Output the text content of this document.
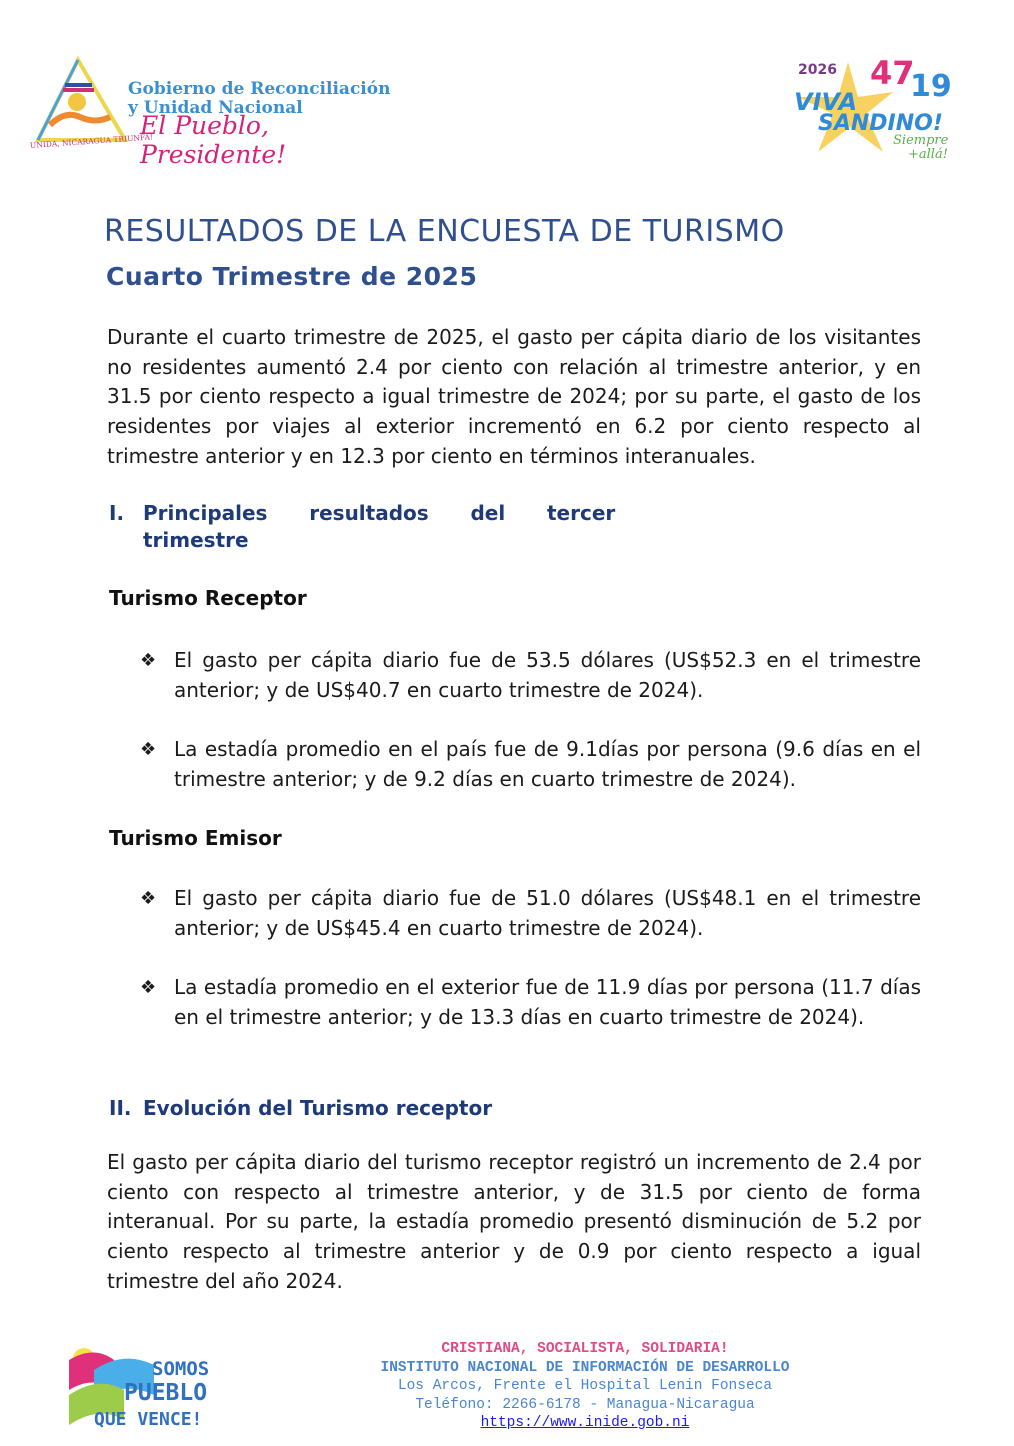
UNIDA, NICARAGUA TRIUNFA!
Gobierno de Reconciliación
y Unidad Nacional
El Pueblo, Presidente!
2026 47
19
VIVA
SANDINO!
Siempre
+allá!
RESULTADOS DE LA ENCUESTA DE TURISMO
Cuarto Trimestre de 2025

Durante el cuarto trimestre de 2025, el gasto per cápita diario de los visitantes no residentes aumentó 2.4 por ciento con relación al trimestre anterior, y en 31.5 por ciento respecto a igual trimestre de 2024; por su parte, el gasto de los residentes por viajes al exterior incrementó en 6.2 por ciento respecto al trimestre anterior y en 12.3 por ciento en términos interanuales.

I. Principales      resultados      del      tercer
trimestre
Turismo Receptor
❖ El gasto per cápita diario fue de 53.5 dólares (US$52.3 en el trimestre anterior; y de US$40.7 en cuarto trimestre de 2024).
❖ La estadía promedio en el país fue de 9.1días por persona (9.6 días en el trimestre anterior; y de 9.2 días en cuarto trimestre de 2024).
Turismo Emisor
❖ El gasto per cápita diario fue de 51.0 dólares (US$48.1 en el trimestre anterior; y de US$45.4 en cuarto trimestre de 2024).
❖ La estadía promedio en el exterior fue de 11.9 días por persona (11.7 días en el trimestre anterior; y de 13.3 días en cuarto trimestre de 2024).
II. Evolución del Turismo receptor

El gasto per cápita diario del turismo receptor registró un incremento de 2.4 por ciento con respecto al trimestre anterior, y de 31.5 por ciento de forma interanual. Por su parte, la estadía promedio presentó disminución de 5.2 por ciento respecto al trimestre anterior y de 0.9 por ciento respecto a igual trimestre del año 2024.

SOMOS
PUEBLO
QUE VENCE!
CRISTIANA, SOCIALISTA, SOLIDARIA!
INSTITUTO NACIONAL DE INFORMACIÓN DE DESARROLLO
Los Arcos, Frente el Hospital Lenin Fonseca
Teléfono: 2266-6178 - Managua-Nicaragua
https://www.inide.gob.ni
